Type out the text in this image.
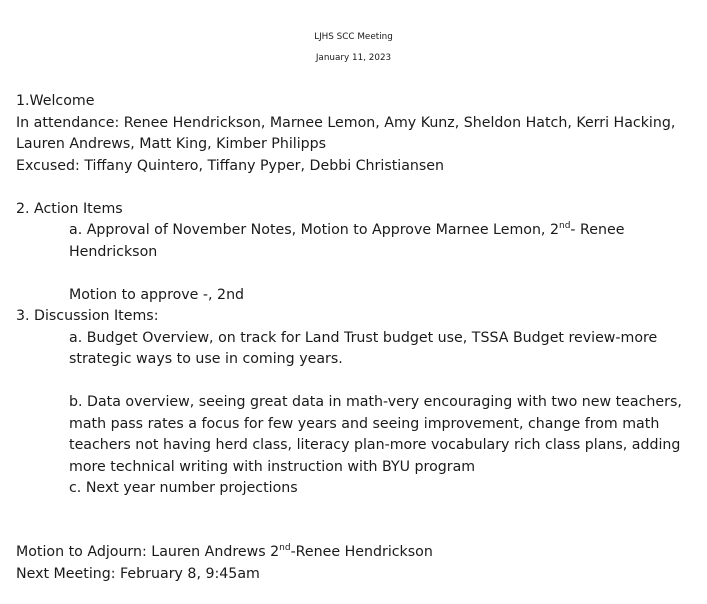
LJHS SCC Meeting
January 11, 2023
1.Welcome
In attendance: Renee Hendrickson, Marnee Lemon, Amy Kunz, Sheldon Hatch, Kerri Hacking,
Lauren Andrews, Matt King, Kimber Philipps
Excused: Tiffany Quintero, Tiffany Pyper, Debbi Christiansen
2. Action Items
a. Approval of November Notes, Motion to Approve Marnee Lemon, 2nd- Renee
Hendrickson
Motion to approve -, 2nd
3. Discussion Items:
a. Budget Overview, on track for Land Trust budget use, TSSA Budget review-more
strategic ways to use in coming years.
b. Data overview, seeing great data in math-very encouraging with two new teachers,
math pass rates a focus for few years and seeing improvement, change from math
teachers not having herd class, literacy plan-more vocabulary rich class plans, adding
more technical writing with instruction with BYU program
c. Next year number projections
Motion to Adjourn: Lauren Andrews 2nd-Renee Hendrickson
Next Meeting: February 8, 9:45am
